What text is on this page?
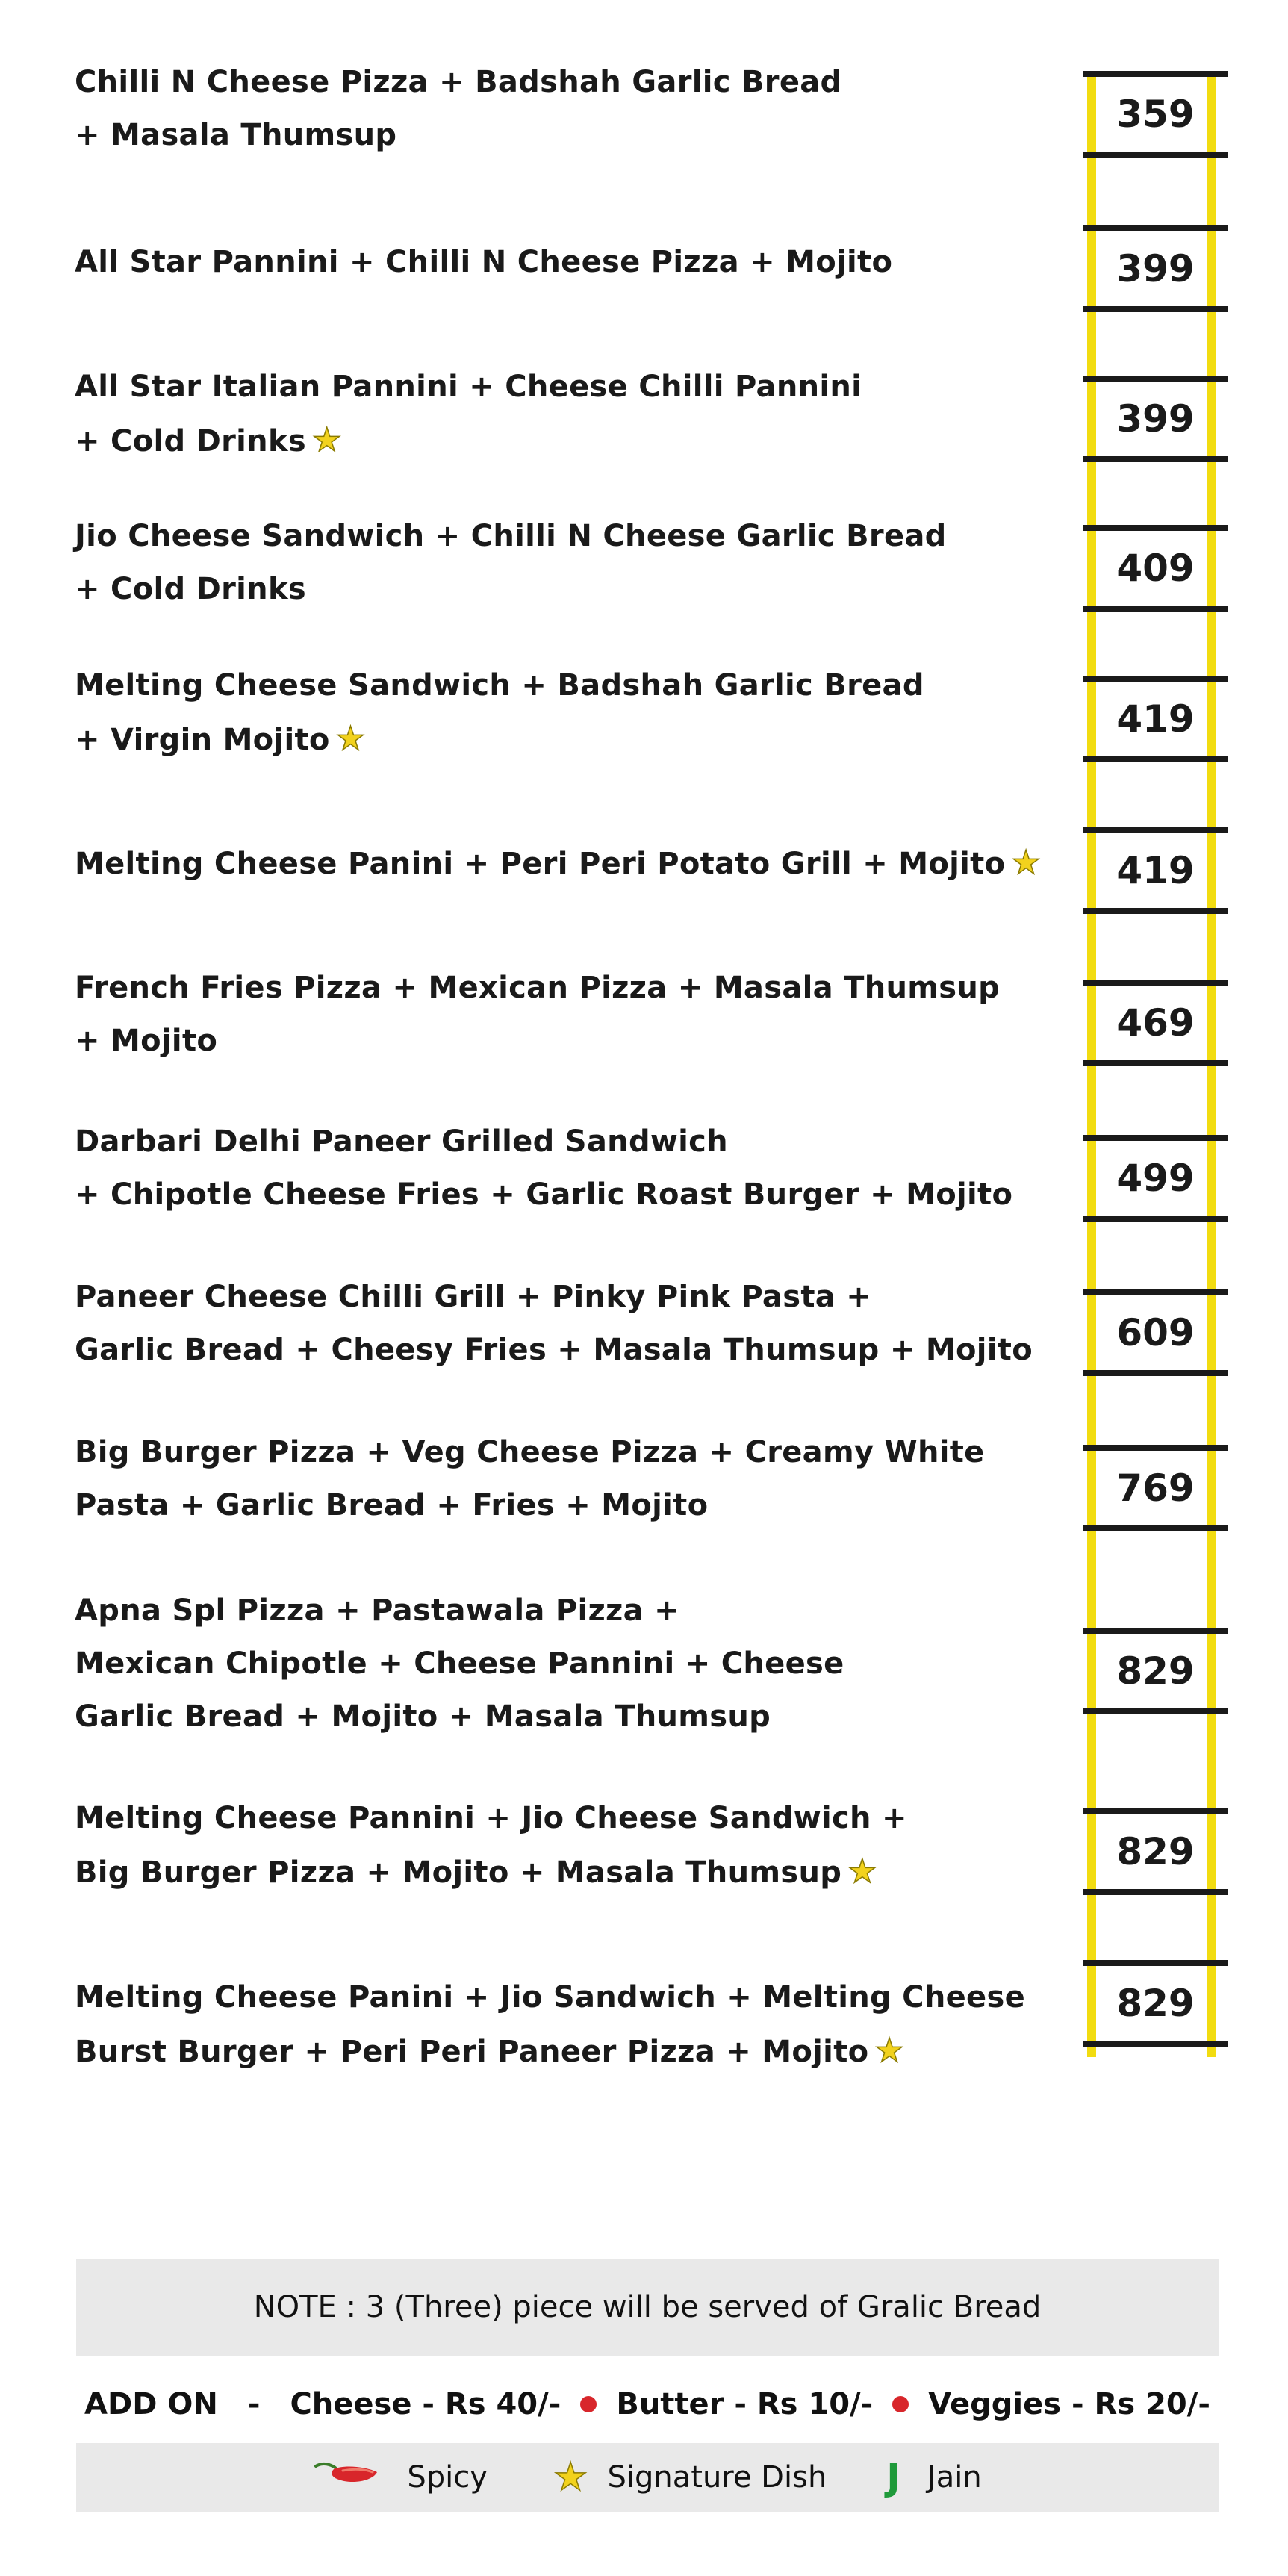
Chilli N Cheese Pizza + Badshah Garlic Bread
+ Masala Thumsup	359
All Star Pannini + Chilli N Cheese Pizza + Mojito	399
All Star Italian Pannini + Cheese Chilli Pannini
+ Cold Drinks ★	399
Jio Cheese Sandwich + Chilli N Cheese Garlic Bread
+ Cold Drinks	409
Melting Cheese Sandwich + Badshah Garlic Bread
+ Virgin Mojito ★	419
Melting Cheese Panini + Peri Peri Potato Grill + Mojito ★	419
French Fries Pizza + Mexican Pizza + Masala Thumsup
+ Mojito	469
Darbari Delhi Paneer Grilled Sandwich
+ Chipotle Cheese Fries + Garlic Roast Burger + Mojito	499
Paneer Cheese Chilli Grill + Pinky Pink Pasta +
Garlic Bread + Cheesy Fries + Masala Thumsup + Mojito	609
Big Burger Pizza + Veg Cheese Pizza + Creamy White
Pasta + Garlic Bread + Fries + Mojito	769
Apna Spl Pizza + Pastawala Pizza +
Mexican Chipotle + Cheese Pannini + Cheese
Garlic Bread + Mojito + Masala Thumsup
829
Melting Cheese Pannini + Jio Cheese Sandwich +
Big Burger Pizza + Mojito + Masala Thumsup ★	829
Melting Cheese Panini + Jio Sandwich + Melting Cheese
Burst Burger + Peri Peri Paneer Pizza + Mojito ★
829
NOTE : 3 (Three) piece will be served of Gralic Bread
ADD ON - Cheese - Rs 40/- Butter - Rs 10/- Veggies - Rs 20/-
Spicy ★ Signature Dish J Jain
